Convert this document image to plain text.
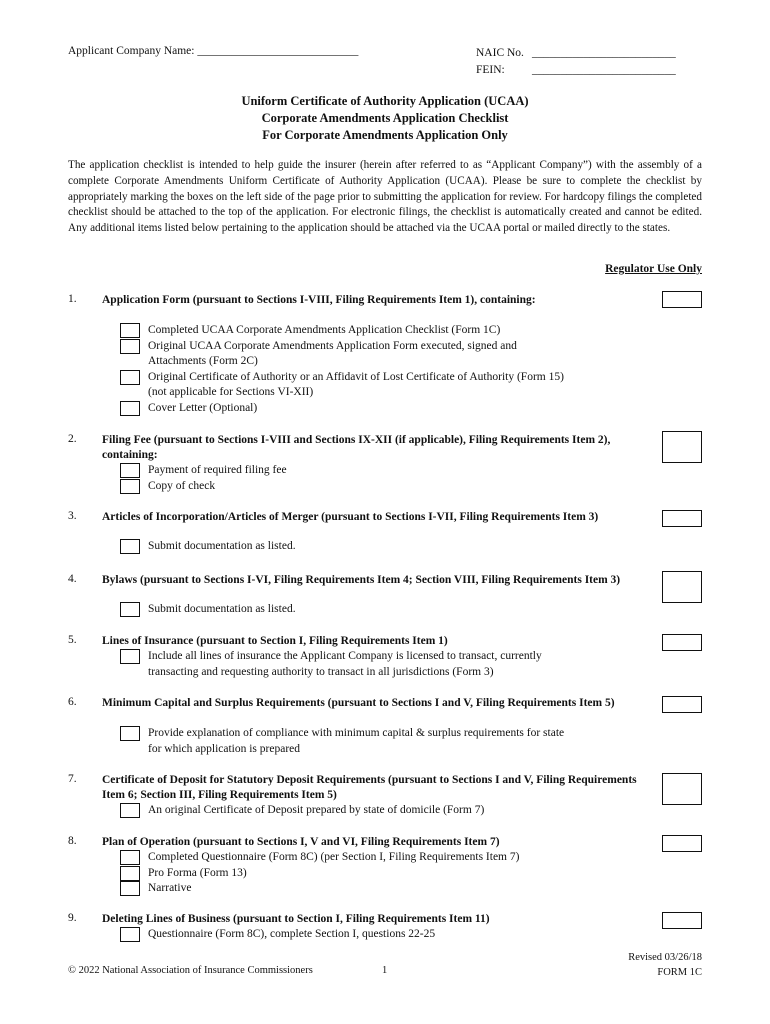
Applicant Company Name: ____________________________	NAIC No. _________________________
FEIN:	_________________________
Uniform Certificate of Authority Application (UCAA)
Corporate Amendments Application Checklist
For Corporate Amendments Application Only
The application checklist is intended to help guide the insurer (herein after referred to as “Applicant Company”) with the assembly of a complete Corporate Amendments Uniform Certificate of Authority Application (UCAA). Please be sure to complete the checklist by appropriately marking the boxes on the left side of the page prior to submitting the application for review. For hardcopy filings the completed checklist should be attached to the top of the application. For electronic filings, the checklist is automatically created and cannot be edited. Any additional items listed below pertaining to the application should be attached via the UCAA portal or mailed directly to the states.
Regulator Use Only
1. Application Form (pursuant to Sections I-VIII, Filing Requirements Item 1), containing:
Completed UCAA Corporate Amendments Application Checklist (Form 1C)
Original UCAA Corporate Amendments Application Form executed, signed and
Attachments (Form 2C)
Original Certificate of Authority or an Affidavit of Lost Certificate of Authority (Form 15)
(not applicable for Sections VI-XII)
Cover Letter (Optional)
2. Filing Fee (pursuant to Sections I-VIII and Sections IX-XII (if applicable), Filing Requirements Item 2), containing:
Payment of required filing fee
Copy of check
3. Articles of Incorporation/Articles of Merger (pursuant to Sections I-VII, Filing Requirements Item 3)
Submit documentation as listed.
4. Bylaws (pursuant to Sections I-VI, Filing Requirements Item 4; Section VIII, Filing Requirements Item 3)
Submit documentation as listed.
5. Lines of Insurance (pursuant to Section I, Filing Requirements Item 1)
Include all lines of insurance the Applicant Company is licensed to transact, currently
transacting and requesting authority to transact in all jurisdictions (Form 3)
6. Minimum Capital and Surplus Requirements (pursuant to Sections I and V, Filing Requirements Item 5)
Provide explanation of compliance with minimum capital & surplus requirements for state
for which application is prepared
7. Certificate of Deposit for Statutory Deposit Requirements (pursuant to Sections I and V, Filing Requirements Item 6; Section III, Filing Requirements Item 5)
An original Certificate of Deposit prepared by state of domicile (Form 7)
8. Plan of Operation (pursuant to Sections I, V and VI, Filing Requirements Item 7)
Completed Questionnaire (Form 8C) (per Section I, Filing Requirements Item 7)
Pro Forma (Form 13)
Narrative
9. Deleting Lines of Business (pursuant to Section I, Filing Requirements Item 11)
Questionnaire (Form 8C), complete Section I, questions 22-25
© 2022 National Association of Insurance Commissioners	1
Revised 03/26/18
FORM 1C
